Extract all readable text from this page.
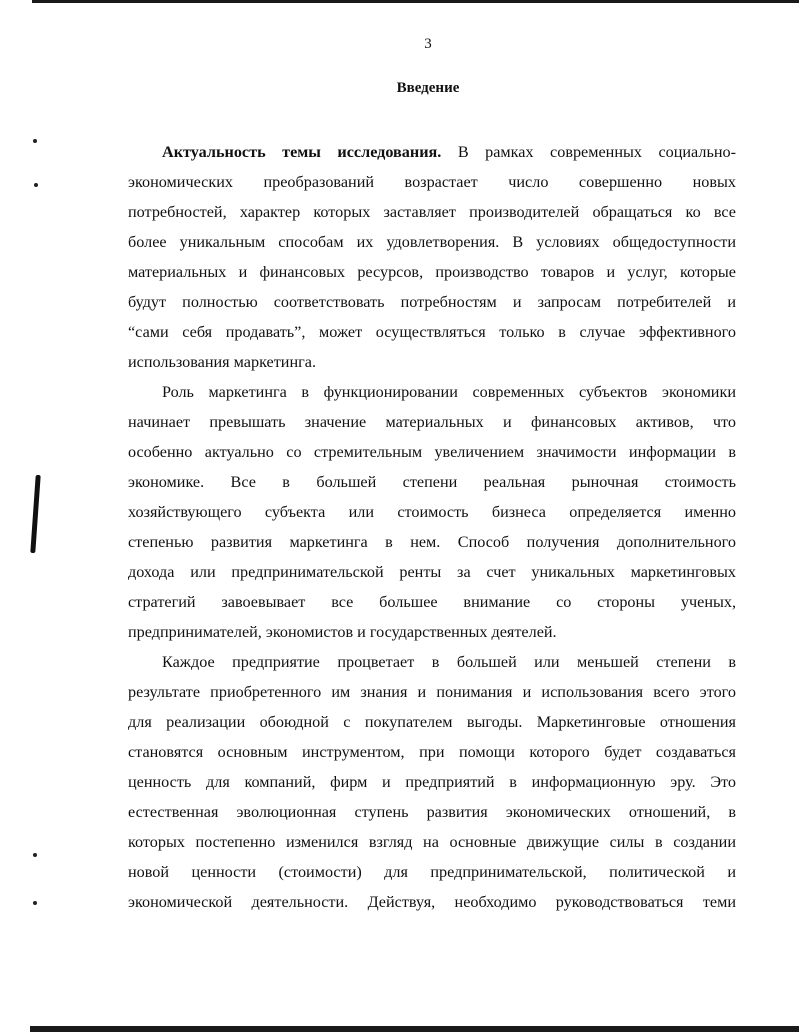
3
Введение
Актуальность темы исследования. В рамках современных социально-
экономических преобразований возрастает число совершенно новых
потребностей, характер которых заставляет производителей обращаться ко все
более уникальным способам их удовлетворения. В условиях общедоступности
материальных и финансовых ресурсов, производство товаров и услуг, которые
будут полностью соответствовать потребностям и запросам потребителей и
“сами себя продавать”, может осуществляться только в случае эффективного
использования маркетинга.
Роль маркетинга в функционировании современных субъектов экономики
начинает превышать значение материальных и финансовых активов, что
особенно актуально со стремительным увеличением значимости информации в
экономике. Все в большей степени реальная рыночная стоимость
хозяйствующего субъекта или стоимость бизнеса определяется именно
степенью развития маркетинга в нем. Способ получения дополнительного
дохода или предпринимательской ренты за счет уникальных маркетинговых
стратегий завоевывает все большее внимание со стороны ученых,
предпринимателей, экономистов и государственных деятелей.
Каждое предприятие процветает в большей или меньшей степени в
результате приобретенного им знания и понимания и использования всего этого
для реализации обоюдной с покупателем выгоды. Маркетинговые отношения
становятся основным инструментом, при помощи которого будет создаваться
ценность для компаний, фирм и предприятий в информационную эру. Это
естественная эволюционная ступень развития экономических отношений, в
которых постепенно изменился взгляд на основные движущие силы в создании
новой ценности (стоимости) для предпринимательской, политической и
экономической деятельности. Действуя, необходимо руководствоваться теми
